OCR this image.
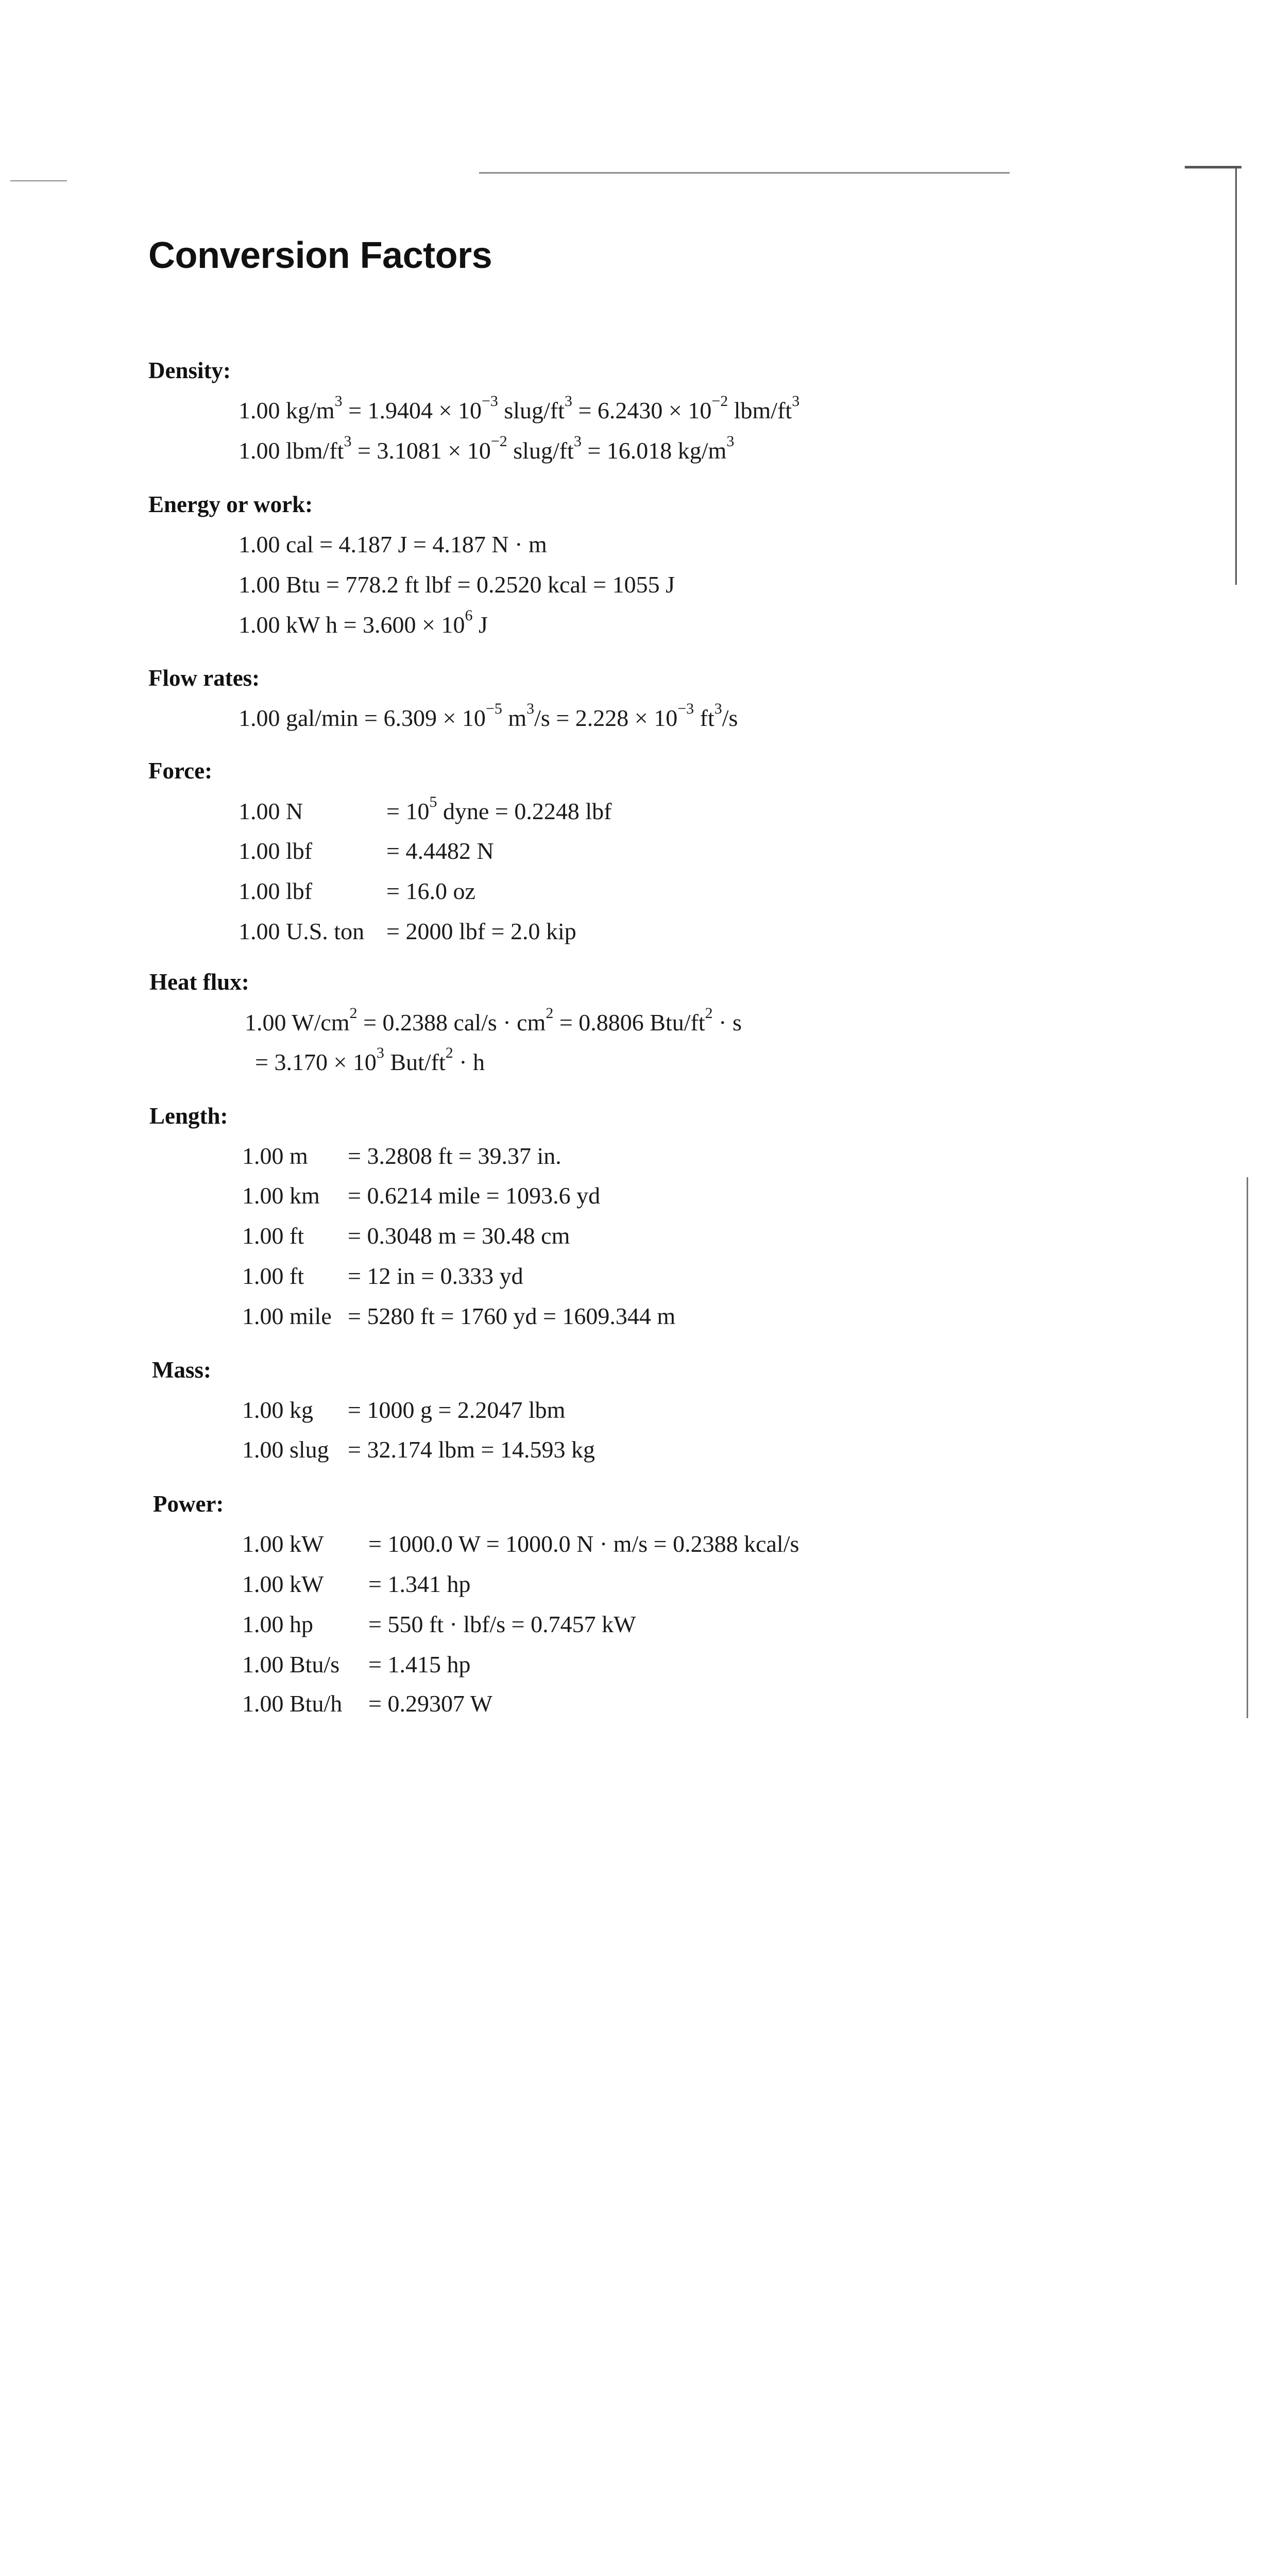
Conversion Factors
Density:
1.00 $kg/m^3 = 1.9404 \times 10^{-3}$ slug/$ft^3 = 6.2430 \times 10^{-2}$ lbm/$ft^3$
1.00 lbm/$ft^3 = 3.1081 \times 10^{-2}$ slug/$ft^3 = 16.018$ $kg/m^3$
Energy or work:
1.00 cal = 4.187 J = 4.187 N · m
1.00 Btu = 778.2 ft lbf = 0.2520 kcal = 1055 J
1.00 kW $h = 3.600 \times 10^6$ J
Flow rates:
1.00 $gal/\min = 6.309 \times 10^{-5}$ $m^3/s = 2.228 \times 10^{-3}$ $ft^3/s$
Force:
1.00 N	= $10^5$ dyne = 0.2248 lbf
1.00 lbf	= 4.4482 N
1.00 lbf	= 16.0 oz
1.00 U.S. ton = 2000 lbf = 2.0 kip
Heat flux:
1.00 $W/cm^2 = 0.2388$ $cal/s \cdot cm^2 = 0.8806$ Btu/$ft^2 \cdot s$
= $3.170 \times 10^3$ But/$ft^2 \cdot h$
Length:
1.00 m = 3.2808 ft = 39.37 in.
1.00 km = 0.6214 mile = 1093.6 yd
1.00 ft = 0.3048 m = 30.48 cm
1.00 ft = 12 in = 0.333 yd
1.00 mile = 5280 ft = 1760 yd = 1609.344 m
Mass:
1.00 kg = 1000 g = 2.2047 lbm
1.00 slug = 32.174 lbm = 14.593 kg
Power:
1.00 kW = 1000.0 W = 1000.0 N · m/s = 0.2388 kcal/s
1.00 kW = 1.341 hp
1.00 hp = 550 ft · lbf/s = 0.7457 kW
1.00 Btu/s = 1.415 hp
1.00 Btu/h = 0.29307 W
